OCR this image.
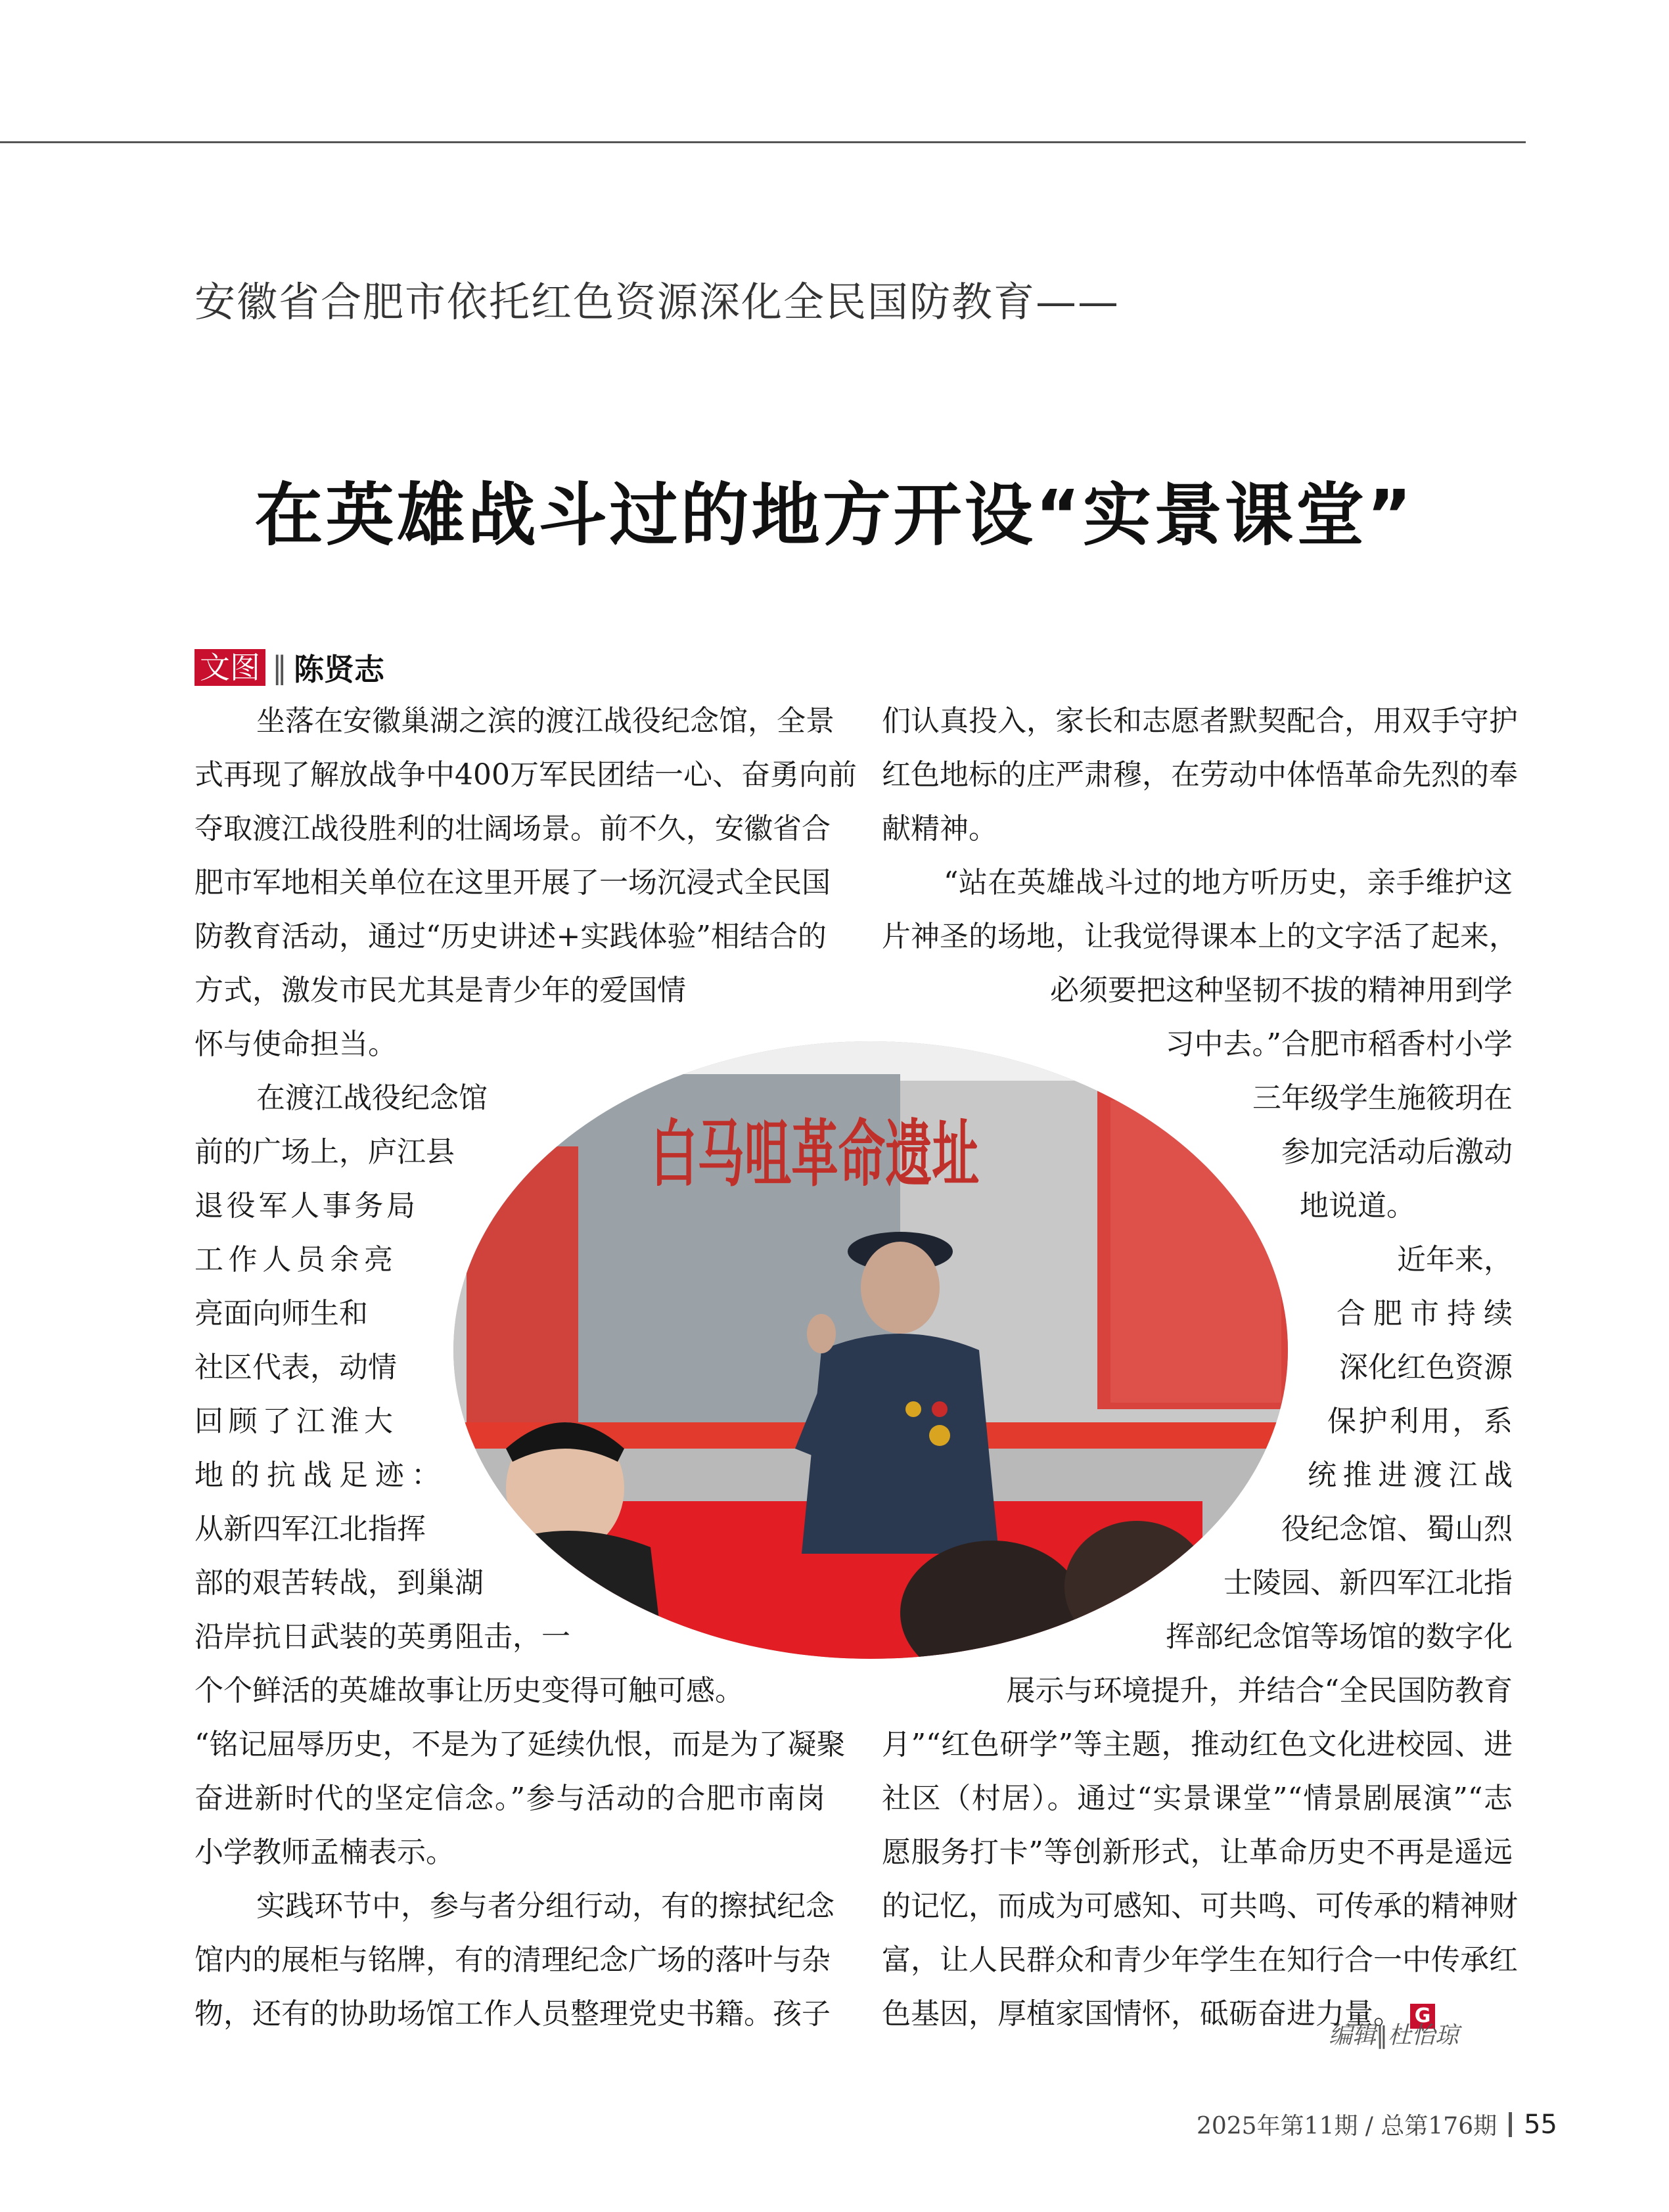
安徽省合肥市依托红色资源深化全民国防教育——
在英雄战斗过的地方开设“实景课堂”
文图 ‖ 陈贤志
坐落在安徽巢湖之滨的渡江战役纪念馆，全景
式再现了解放战争中400万军民团结一心、奋勇向前
夺取渡江战役胜利的壮阔场景。前不久，安徽省合
肥市军地相关单位在这里开展了一场沉浸式全民国
防教育活动，通过“历史讲述+实践体验”相结合的
方式，激发市民尤其是青少年的爱国情
怀与使命担当。
在渡江战役纪念馆
前的广场上，庐江县
退役军人事务局
工作人员余亮
亮面向师生和
社区代表，动情
回顾了江淮大
地的抗战足迹：
从新四军江北指挥
部的艰苦转战，到巢湖
沿岸抗日武装的英勇阻击，一
个个鲜活的英雄故事让历史变得可触可感。
“铭记屈辱历史，不是为了延续仇恨，而是为了凝聚
奋进新时代的坚定信念。”参与活动的合肥市南岗
小学教师孟楠表示。
实践环节中，参与者分组行动，有的擦拭纪念
馆内的展柜与铭牌，有的清理纪念广场的落叶与杂
物，还有的协助场馆工作人员整理党史书籍。孩子
们认真投入，家长和志愿者默契配合，用双手守护
红色地标的庄严肃穆，在劳动中体悟革命先烈的奉
献精神。
“站在英雄战斗过的地方听历史，亲手维护这
片神圣的场地，让我觉得课本上的文字活了起来，
必须要把这种坚韧不拔的精神用到学
习中去。”合肥市稻香村小学
三年级学生施筱玥在
参加完活动后激动
地说道。
近年来，
合肥市持续
深化红色资源
保护利用，系
统推进渡江战
役纪念馆、蜀山烈
士陵园、新四军江北指
挥部纪念馆等场馆的数字化
展示与环境提升，并结合“全民国防教育
月”“红色研学”等主题，推动红色文化进校园、进
社区（村居）。通过“实景课堂”“情景剧展演”“志
愿服务打卡”等创新形式，让革命历史不再是遥远
的记忆，而成为可感知、可共鸣、可传承的精神财
富，让人民群众和青少年学生在知行合一中传承红
色基因，厚植家国情怀，砥砺奋进力量。 G
白马咀革命遗址
编辑‖杜怡琼
2025年第11期 / 总第176期 55
